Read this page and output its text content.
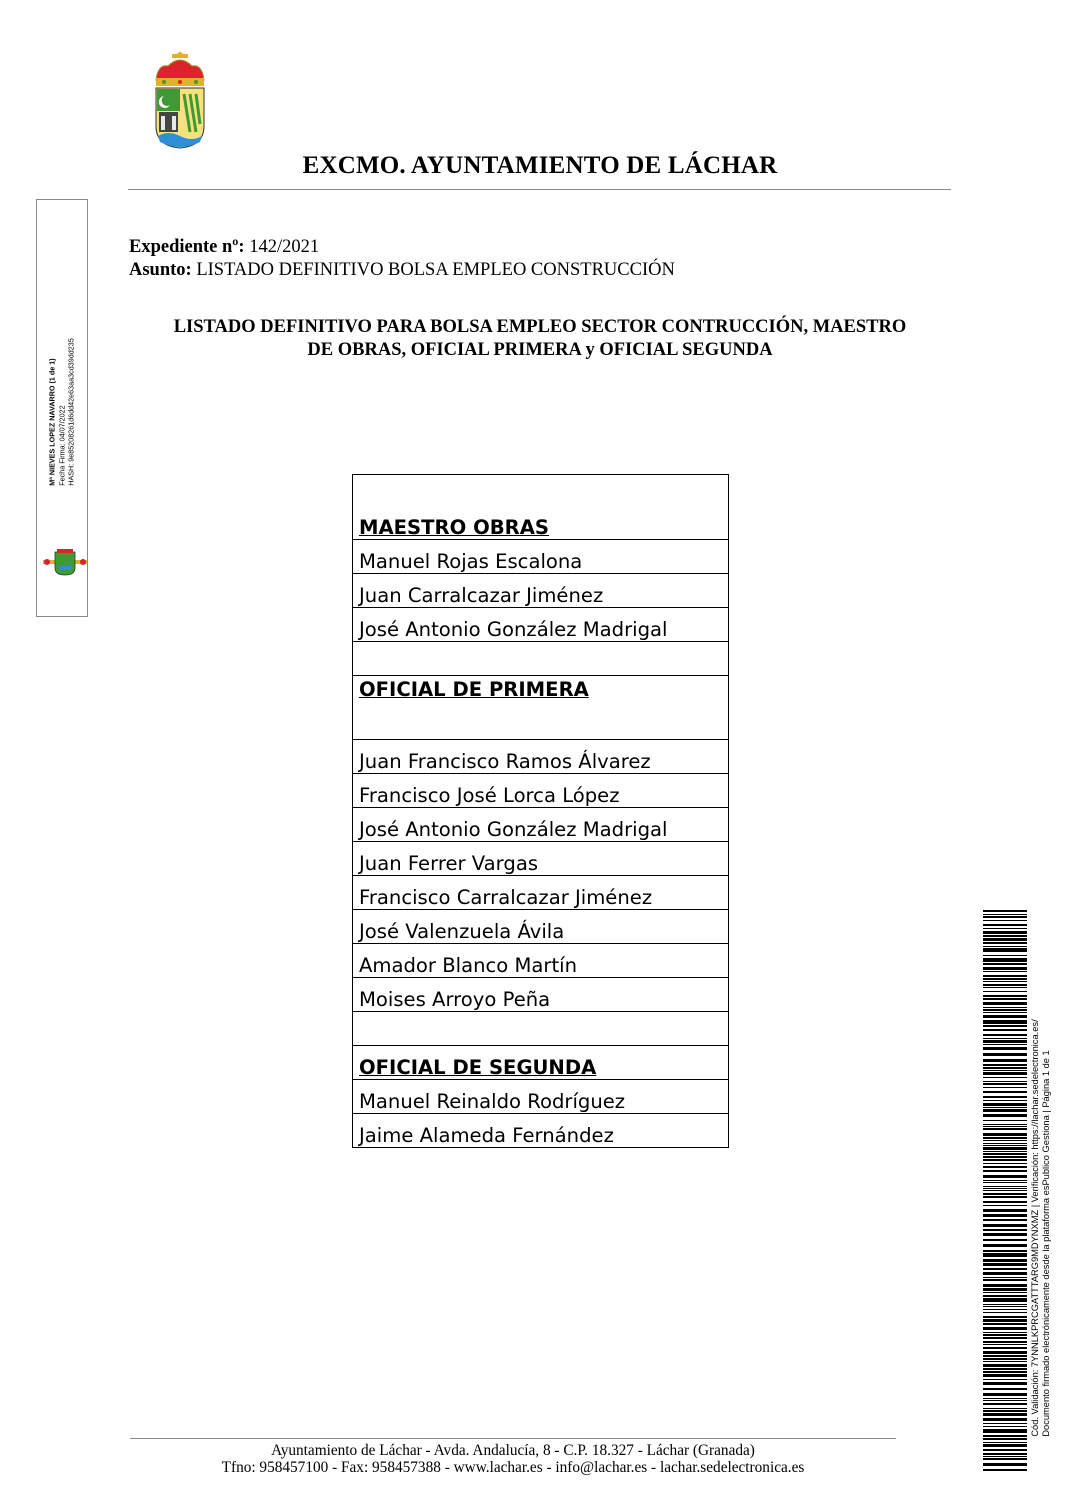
EXCMO. AYUNTAMIENTO DE LÁCHAR
Mª NIEVES LOPEZ NAVARRO (1 de 1) Fecha Firma: 04/07/2022 HASH: 9e85208261d6dd42e63aa3cd39dd235
Expediente nº: 142/2021
Asunto: LISTADO DEFINITIVO BOLSA EMPLEO CONSTRUCCIÓN
LISTADO DEFINITIVO PARA BOLSA EMPLEO SECTOR CONTRUCCIÓN, MAESTRO
DE OBRAS, OFICIAL PRIMERA y OFICIAL SEGUNDA
MAESTRO OBRAS
Manuel Rojas Escalona
Juan Carralcazar Jiménez
José Antonio González Madrigal

OFICIAL DE PRIMERA
Juan Francisco Ramos Álvarez
Francisco José Lorca López
José Antonio González Madrigal
Juan Ferrer Vargas
Francisco Carralcazar Jiménez
José Valenzuela Ávila
Amador Blanco Martín
Moises Arroyo Peña

OFICIAL DE SEGUNDA
Manuel Reinaldo Rodríguez
Jaime Alameda Fernández	Cód. Validación: 7YNNLKPRCGATTTARG9MDYNXMZ | Verificación: https://lachar.sedelectronica.es/ Documento firmado electrónicamente desde la plataforma esPublico Gestiona | Página 1 de 1
Ayuntamiento de Láchar - Avda. Andalucía, 8 - C.P. 18.327 - Láchar (Granada)
Tfno: 958457100 - Fax: 958457388 - www.lachar.es - info@lachar.es - lachar.sedelectronica.es
